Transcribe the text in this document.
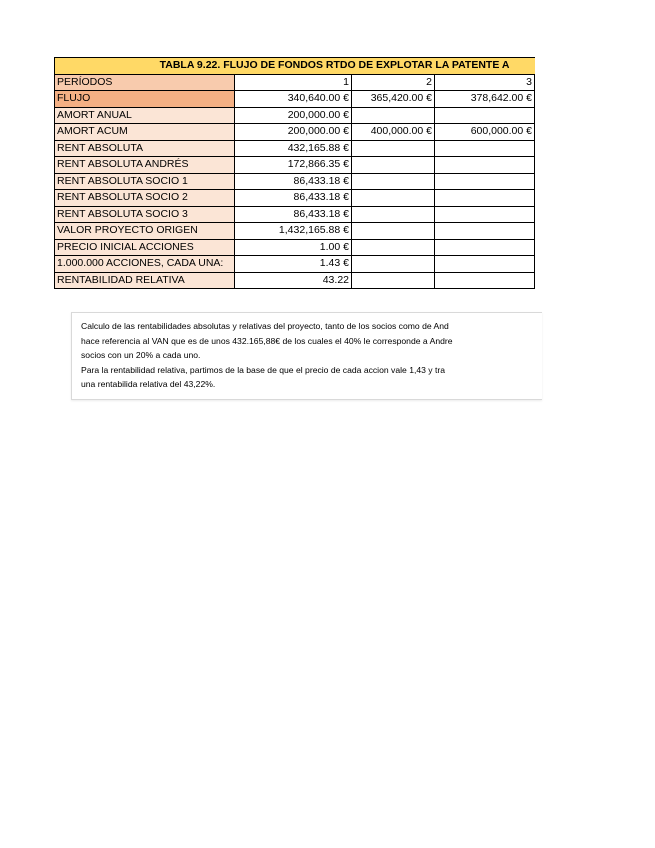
TABLA 9.22. FLUJO DE FONDOS RTDO DE EXPLOTAR LA PATENTE A				
PERÍODOS	1	2	3	
FLUJO	340,640.00 €	365,420.00 €	378,642.00 €	
AMORT ANUAL	200,000.00 €			
AMORT ACUM	200,000.00 €	400,000.00 €	600,000.00 €	
RENT ABSOLUTA	432,165.88 €			
RENT ABSOLUTA ANDRÉS	172,866.35 €			
RENT ABSOLUTA SOCIO 1	86,433.18 €			
RENT ABSOLUTA SOCIO 2	86,433.18 €			
RENT ABSOLUTA SOCIO 3	86,433.18 €			
VALOR PROYECTO ORIGEN	1,432,165.88 €			
PRECIO INICIAL ACCIONES	1.00 €			
1.000.000 ACCIONES, CADA UNA:	1.43 €			
RENTABILIDAD RELATIVA	43.22			

Calculo de las rentabilidades absolutas y relativas del proyecto, tanto de los socios como de And

hace referencia al VAN que es de unos 432.165,88€ de los cuales el 40% le corresponde a Andre

socios con un 20% a cada uno.

Para la rentabilidad relativa, partimos de la base de que el precio de cada accion vale 1,43 y tra

una rentabilida relativa del 43,22%.
